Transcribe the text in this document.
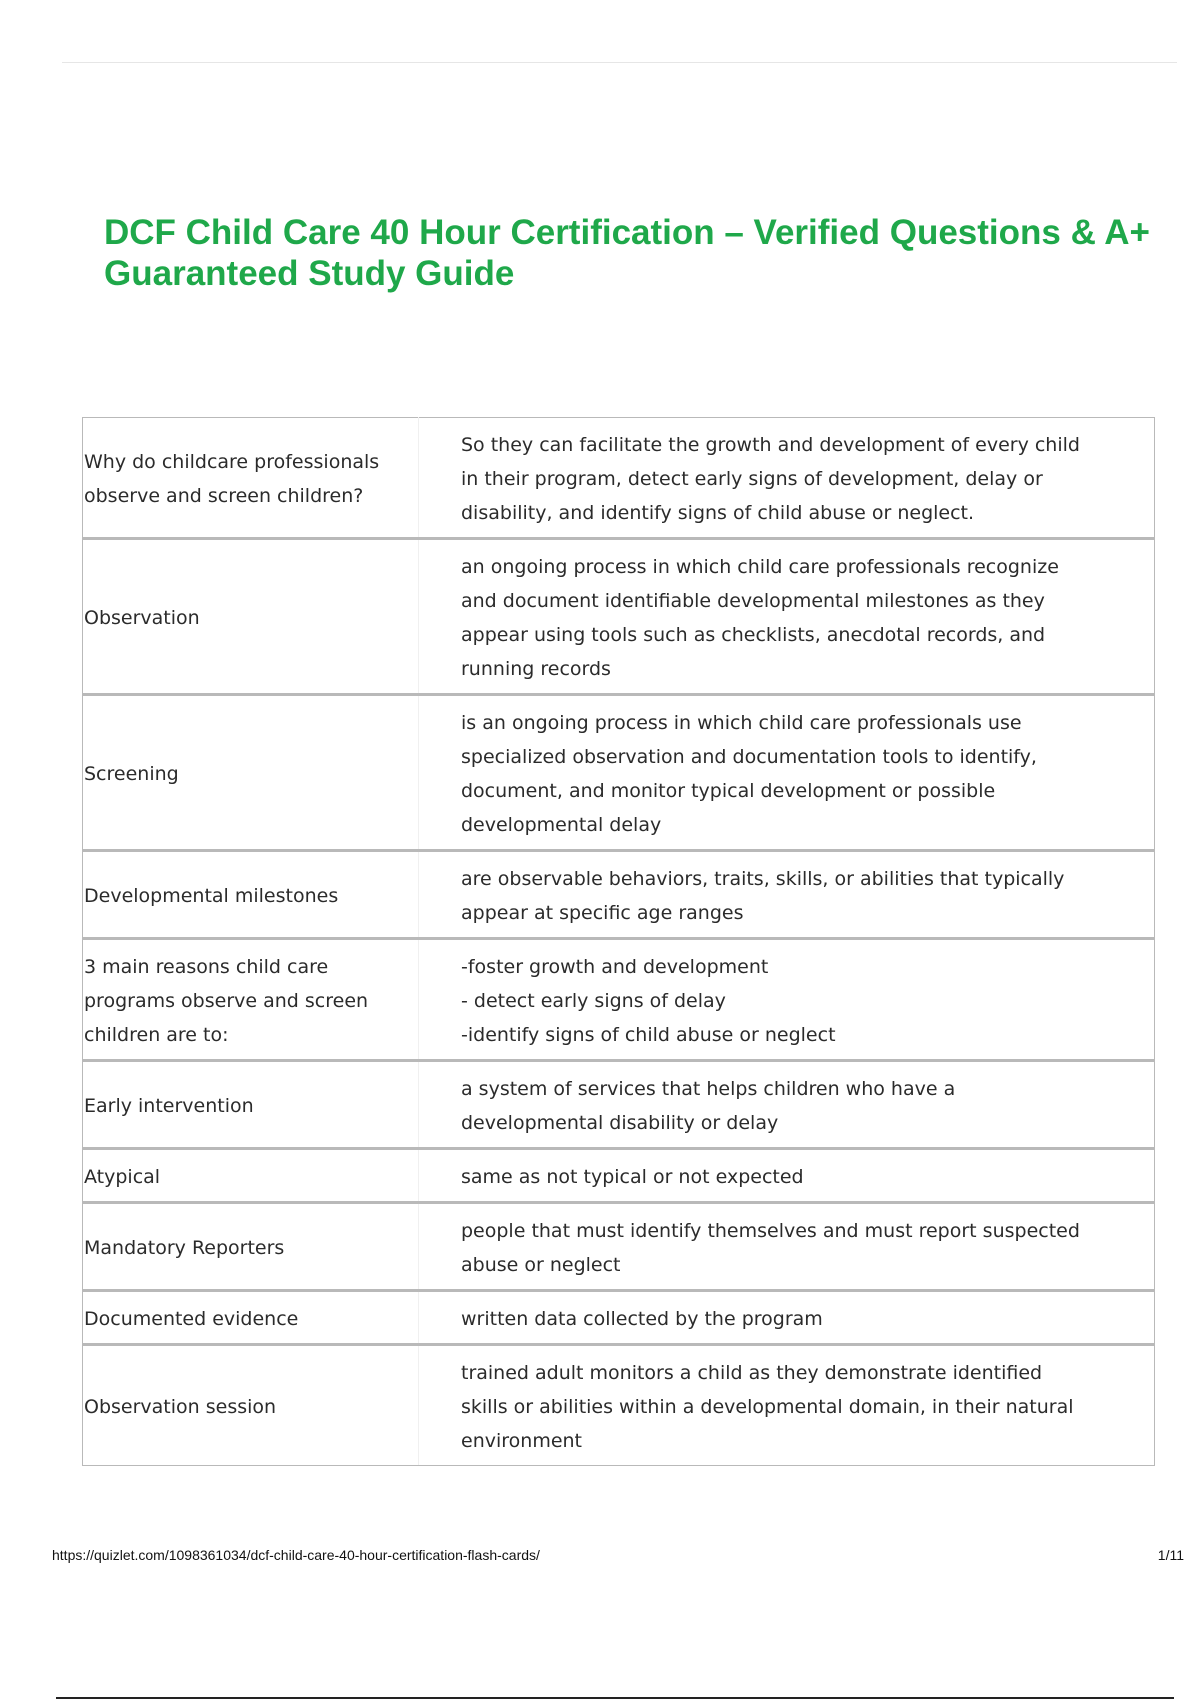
DCF Child Care 40 Hour Certification – Verified Questions & A+ Guaranteed Study Guide
Why do childcare professionals observe and screen children?	So they can facilitate the growth and development of every child in their program, detect early signs of development, delay or disability, and identify signs of child abuse or neglect.

Observation	an ongoing process in which child care professionals recognize and document identifiable developmental milestones as they appear using tools such as checklists, anecdotal records, and running records

Screening	is an ongoing process in which child care professionals use specialized observation and documentation tools to identify, document, and monitor typical development or possible developmental delay

Developmental milestones	are observable behaviors, traits, skills, or abilities that typically appear at specific age ranges

3 main reasons child care programs observe and screen children are to:	-foster growth and development
- detect early signs of delay
-identify signs of child abuse or neglect

Early intervention	a system of services that helps children who have a developmental disability or delay

Atypical	same as not typical or not expected

Mandatory Reporters	people that must identify themselves and must report suspected abuse or neglect

Documented evidence	written data collected by the program

Observation session	trained adult monitors a child as they demonstrate identified skills or abilities within a developmental domain, in their natural environment
https://quizlet.com/1098361034/dcf-child-care-40-hour-certification-flash-cards/	1/11
